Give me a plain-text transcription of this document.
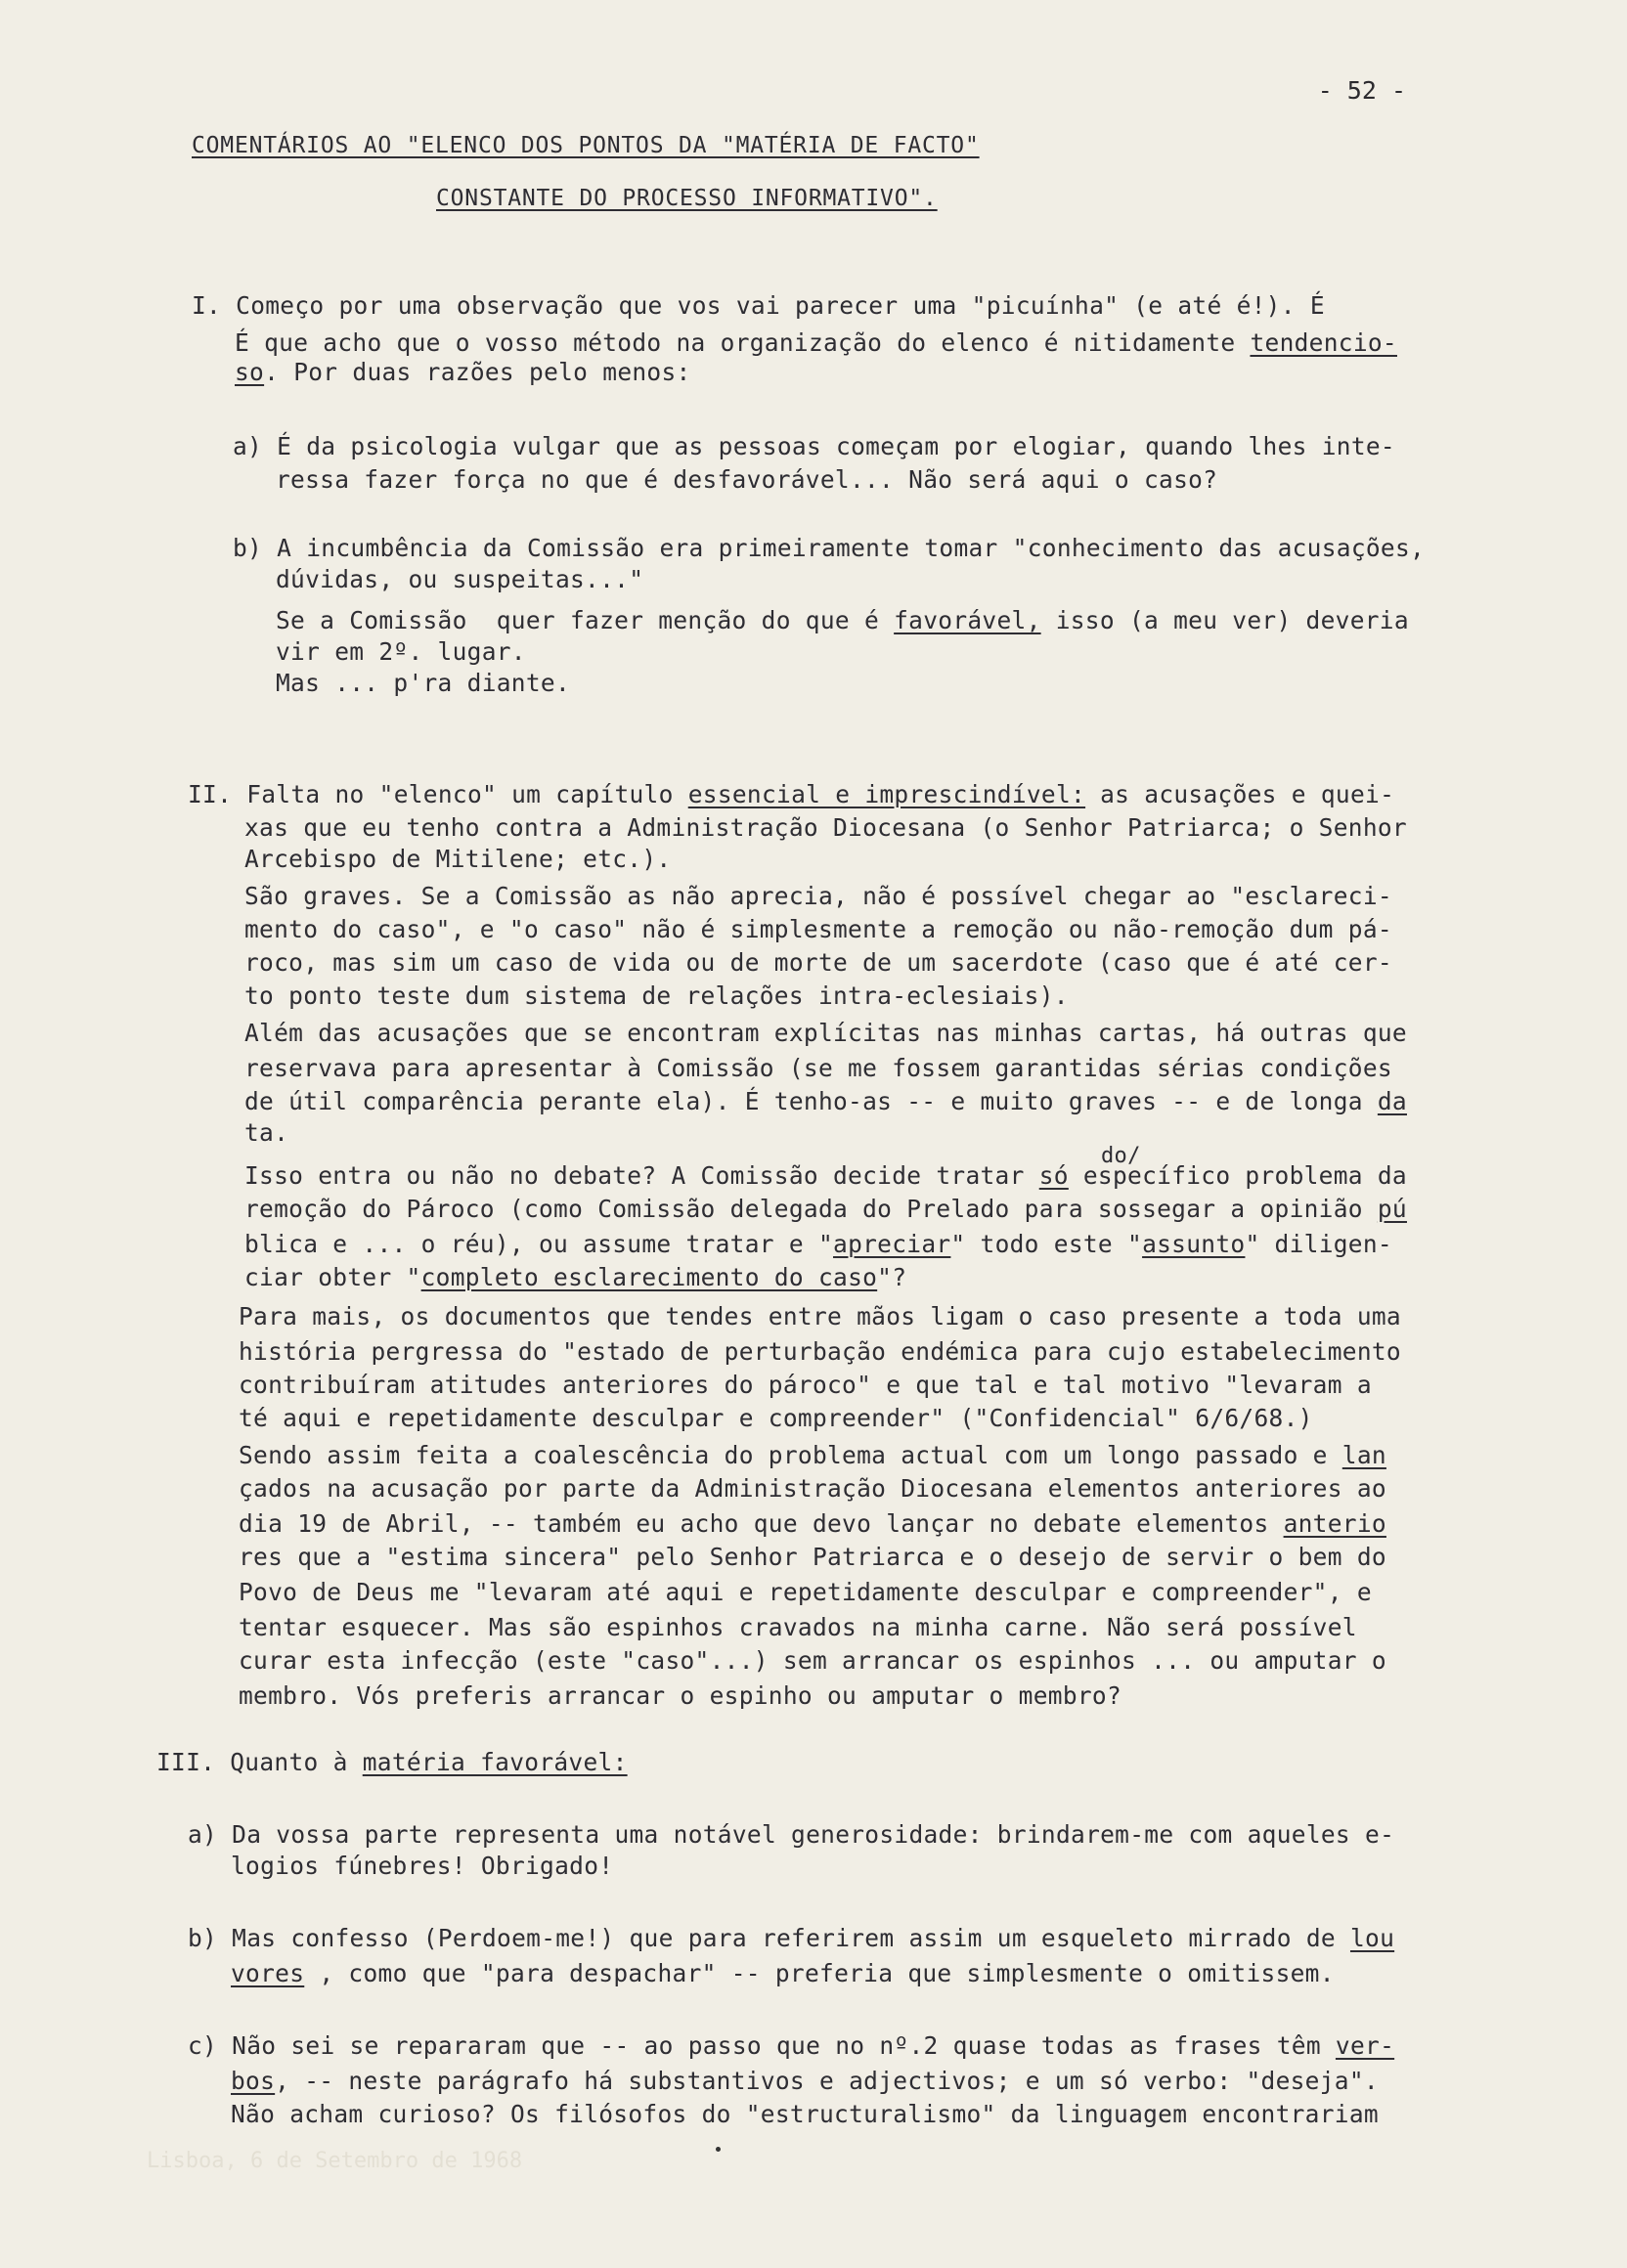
- 52 -
COMENTÁRIOS AO "ELENCO DOS PONTOS DA "MATÉRIA DE FACTO"
CONSTANTE DO PROCESSO INFORMATIVO".
I. Começo por uma observação que vos vai parecer uma "picuínha" (e até é!). É
É que acho que o vosso método na organização do elenco é nitidamente tendencio-
so. Por duas razões pelo menos:
a) É da psicologia vulgar que as pessoas começam por elogiar, quando lhes inte-
ressa fazer força no que é desfavorável... Não será aqui o caso?
b) A incumbência da Comissão era primeiramente tomar "conhecimento das acusações,
dúvidas, ou suspeitas..."
Se a Comissão  quer fazer menção do que é favorável, isso (a meu ver) deveria
vir em 2º. lugar.
Mas ... p'ra diante.
II. Falta no "elenco" um capítulo essencial e imprescindível: as acusações e quei-
xas que eu tenho contra a Administração Diocesana (o Senhor Patriarca; o Senhor
Arcebispo de Mitilene; etc.).
São graves. Se a Comissão as não aprecia, não é possível chegar ao "esclareci-
mento do caso", e "o caso" não é simplesmente a remoção ou não-remoção dum pá-
roco, mas sim um caso de vida ou de morte de um sacerdote (caso que é até cer-
to ponto teste dum sistema de relações intra-eclesiais).
Além das acusações que se encontram explícitas nas minhas cartas, há outras que
reservava para apresentar à Comissão (se me fossem garantidas sérias condições
de útil comparência perante ela). É tenho-as -- e muito graves -- e de longa da
ta.
do/
Isso entra ou não no debate? A Comissão decide tratar só específico problema da
remoção do Pároco (como Comissão delegada do Prelado para sossegar a opinião pú
blica e ... o réu), ou assume tratar e "apreciar" todo este "assunto" diligen-
ciar obter "completo esclarecimento do caso"?
Para mais, os documentos que tendes entre mãos ligam o caso presente a toda uma
história pergressa do "estado de perturbação endémica para cujo estabelecimento
contribuíram atitudes anteriores do pároco" e que tal e tal motivo "levaram a
té aqui e repetidamente desculpar e compreender" ("Confidencial" 6/6/68.)
Sendo assim feita a coalescência do problema actual com um longo passado e lan
çados na acusação por parte da Administração Diocesana elementos anteriores ao
dia 19 de Abril, -- também eu acho que devo lançar no debate elementos anterio
res que a "estima sincera" pelo Senhor Patriarca e o desejo de servir o bem do
Povo de Deus me "levaram até aqui e repetidamente desculpar e compreender", e
tentar esquecer. Mas são espinhos cravados na minha carne. Não será possível
curar esta infecção (este "caso"...) sem arrancar os espinhos ... ou amputar o
membro. Vós preferis arrancar o espinho ou amputar o membro?
III. Quanto à matéria favorável:
a) Da vossa parte representa uma notável generosidade: brindarem-me com aqueles e-
logios fúnebres! Obrigado!
b) Mas confesso (Perdoem-me!) que para referirem assim um esqueleto mirrado de lou
vores , como que "para despachar" -- preferia que simplesmente o omitissem.
c) Não sei se repararam que -- ao passo que no nº.2 quase todas as frases têm ver-
bos, -- neste parágrafo há substantivos e adjectivos; e um só verbo: "deseja".
Não acham curioso? Os filósofos do "estructuralismo" da linguagem encontrariam
Lisboa, 6 de Setembro de 1968
